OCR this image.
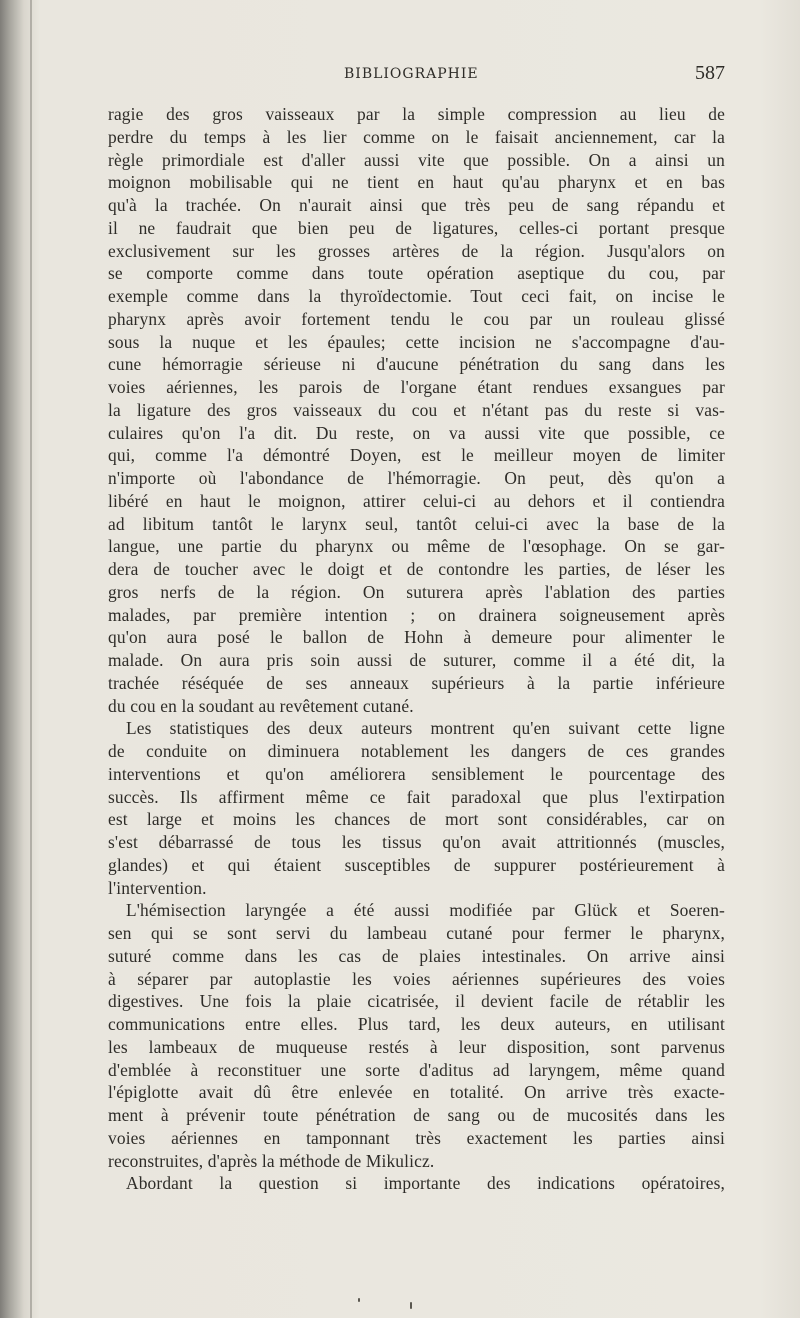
BIBLIOGRAPHIE	587
ragie des gros vaisseaux par la simple compression au lieu de
perdre du temps à les lier comme on le faisait anciennement, car la
règle primordiale est d'aller aussi vite que possible. On a ainsi un
moignon mobilisable qui ne tient en haut qu'au pharynx et en bas
qu'à la trachée. On n'aurait ainsi que très peu de sang répandu et
il ne faudrait que bien peu de ligatures, celles-ci portant presque
exclusivement sur les grosses artères de la région. Jusqu'alors on
se comporte comme dans toute opération aseptique du cou, par
exemple comme dans la thyroïdectomie. Tout ceci fait, on incise le
pharynx après avoir fortement tendu le cou par un rouleau glissé
sous la nuque et les épaules; cette incision ne s'accompagne d'au-
cune hémorragie sérieuse ni d'aucune pénétration du sang dans les
voies aériennes, les parois de l'organe étant rendues exsangues par
la ligature des gros vaisseaux du cou et n'étant pas du reste si vas-
culaires qu'on l'a dit. Du reste, on va aussi vite que possible, ce
qui, comme l'a démontré Doyen, est le meilleur moyen de limiter
n'importe où l'abondance de l'hémorragie. On peut, dès qu'on a
libéré en haut le moignon, attirer celui-ci au dehors et il contiendra
ad libitum tantôt le larynx seul, tantôt celui-ci avec la base de la
langue, une partie du pharynx ou même de l'œsophage. On se gar-
dera de toucher avec le doigt et de contondre les parties, de léser les
gros nerfs de la région. On suturera après l'ablation des parties
malades, par première intention ; on drainera soigneusement après
qu'on aura posé le ballon de Hohn à demeure pour alimenter le
malade. On aura pris soin aussi de suturer, comme il a été dit, la
trachée réséquée de ses anneaux supérieurs à la partie inférieure
du cou en la soudant au revêtement cutané.
Les statistiques des deux auteurs montrent qu'en suivant cette ligne
de conduite on diminuera notablement les dangers de ces grandes
interventions et qu'on améliorera sensiblement le pourcentage des
succès. Ils affirment même ce fait paradoxal que plus l'extirpation
est large et moins les chances de mort sont considérables, car on
s'est débarrassé de tous les tissus qu'on avait attritionnés (muscles,
glandes) et qui étaient susceptibles de suppurer postérieurement à
l'intervention.
L'hémisection laryngée a été aussi modifiée par Glück et Soeren-
sen qui se sont servi du lambeau cutané pour fermer le pharynx,
suturé comme dans les cas de plaies intestinales. On arrive ainsi
à séparer par autoplastie les voies aériennes supérieures des voies
digestives. Une fois la plaie cicatrisée, il devient facile de rétablir les
communications entre elles. Plus tard, les deux auteurs, en utilisant
les lambeaux de muqueuse restés à leur disposition, sont parvenus
d'emblée à reconstituer une sorte d'aditus ad laryngem, même quand
l'épiglotte avait dû être enlevée en totalité. On arrive très exacte-
ment à prévenir toute pénétration de sang ou de mucosités dans les
voies aériennes en tamponnant très exactement les parties ainsi
reconstruites, d'après la méthode de Mikulicz.
Abordant la question si importante des indications opératoires,
